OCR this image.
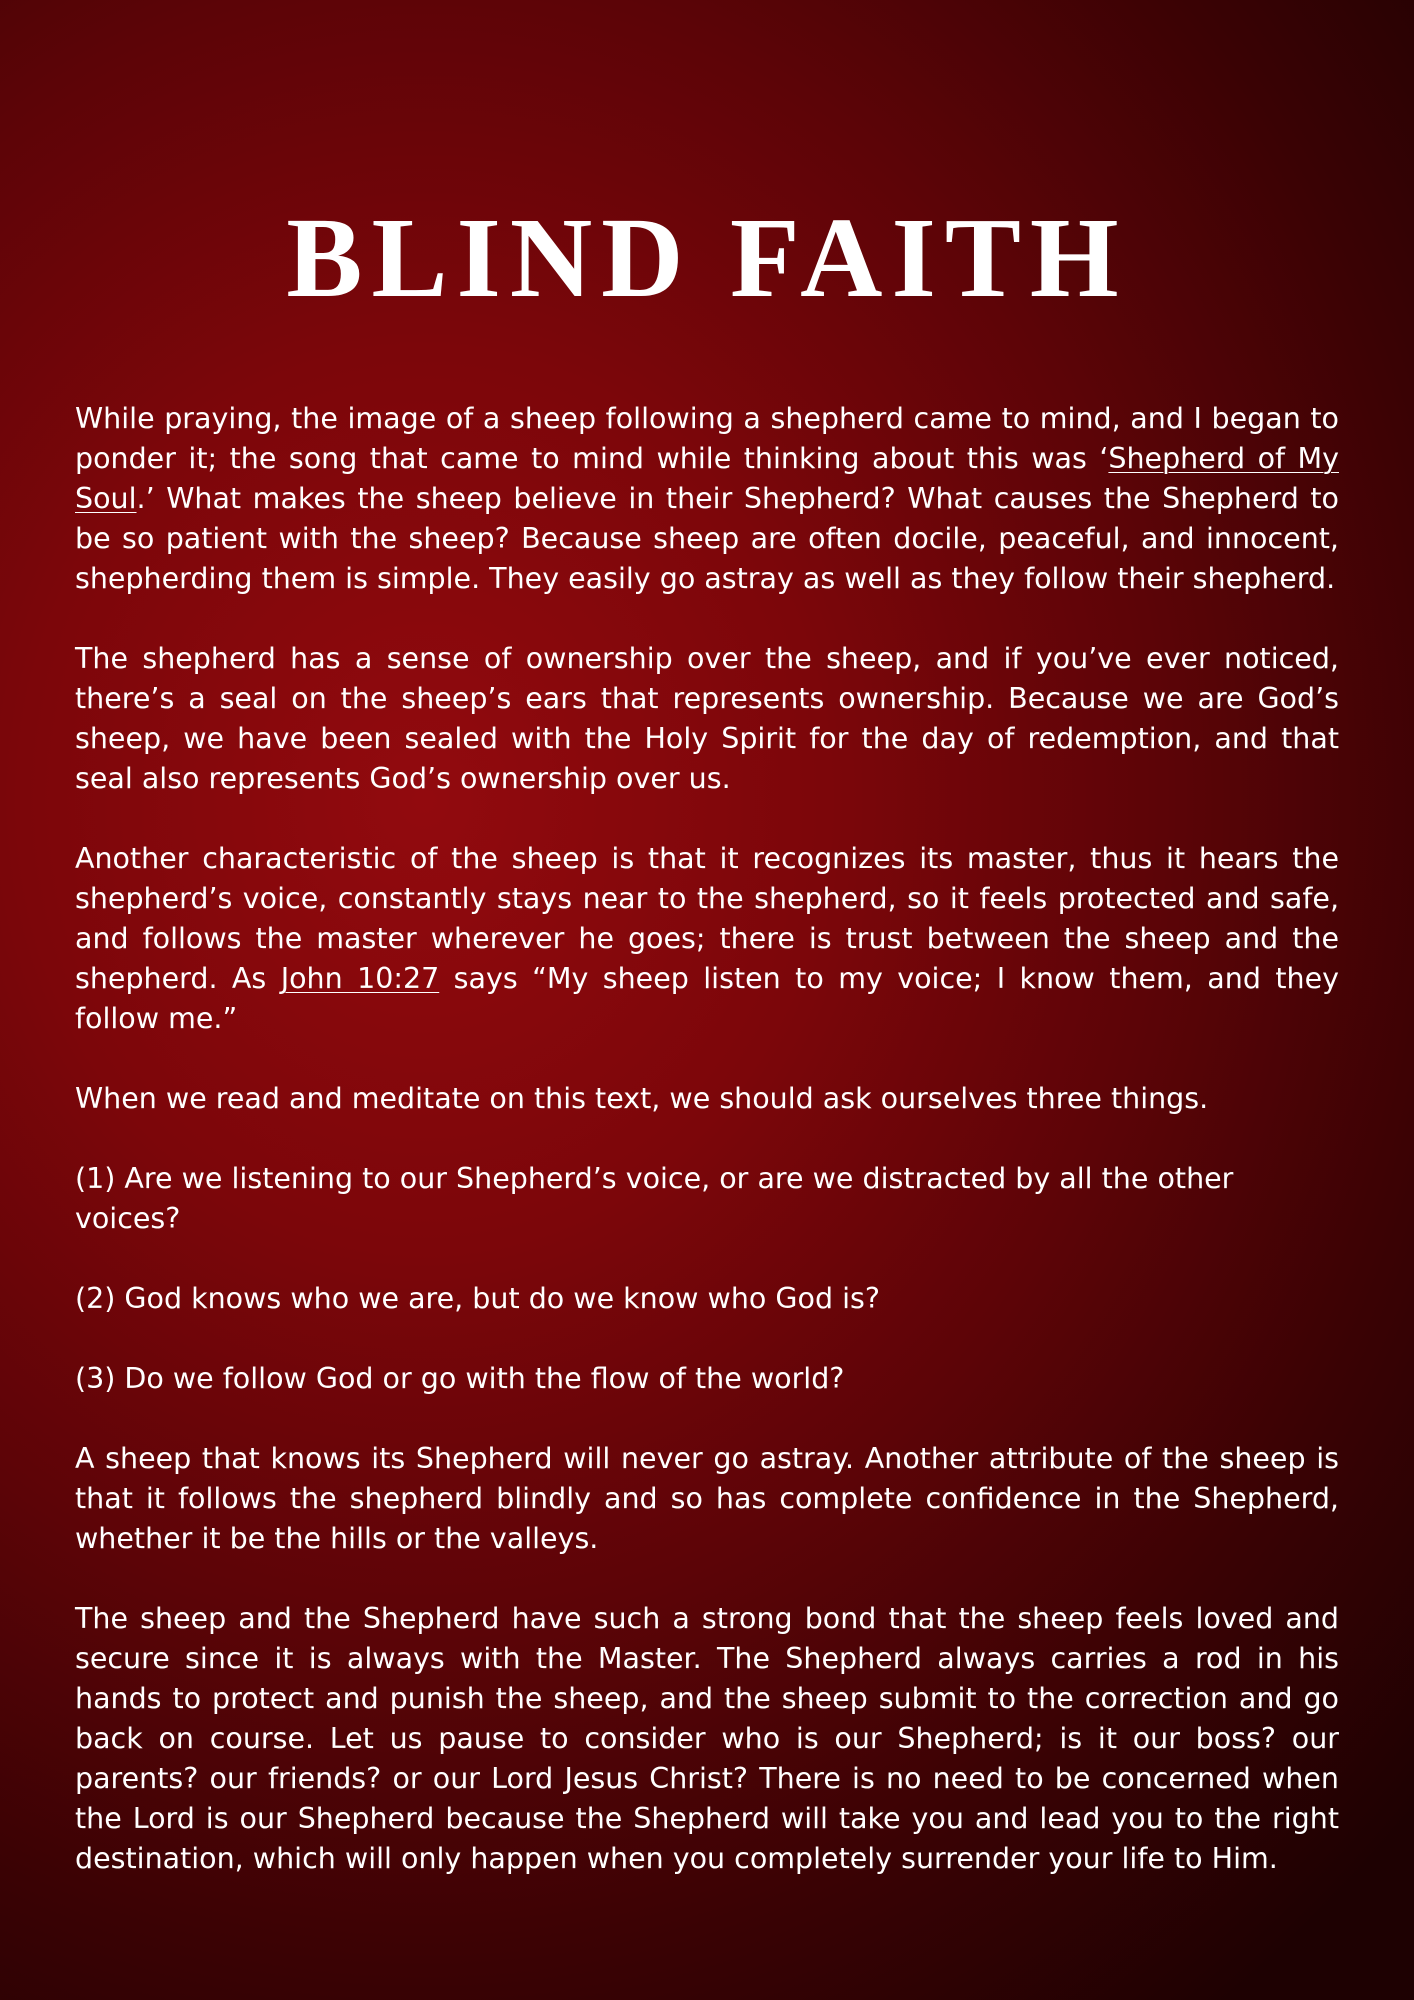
BLIND FAITH

While praying, the image of a sheep following a shepherd came to mind, and I began to ponder it; the song that came to mind while thinking about this was ‘Shepherd of My Soul.’ What makes the sheep believe in their Shepherd? What causes the Shepherd to be so patient with the sheep? Because sheep are often docile, peaceful, and innocent, shepherding them is simple. They easily go astray as well as they follow their shepherd.

The shepherd has a sense of ownership over the sheep, and if you’ve ever noticed, there’s a seal on the sheep’s ears that represents ownership. Because we are God’s sheep, we have been sealed with the Holy Spirit for the day of redemption, and that seal also represents God’s ownership over us.

Another characteristic of the sheep is that it recognizes its master, thus it hears the shepherd’s voice, constantly stays near to the shepherd, so it feels protected and safe, and follows the master wherever he goes; there is trust between the sheep and the shepherd. As John 10:27 says “My sheep listen to my voice; I know them, and they follow me.”

When we read and meditate on this text, we should ask ourselves three things.

(1) Are we listening to our Shepherd’s voice, or are we distracted by all the other voices?

(2) God knows who we are, but do we know who God is?

(3) Do we follow God or go with the flow of the world?

A sheep that knows its Shepherd will never go astray. Another attribute of the sheep is that it follows the shepherd blindly and so has complete confidence in the Shepherd, whether it be the hills or the valleys.

The sheep and the Shepherd have such a strong bond that the sheep feels loved and secure since it is always with the Master. The Shepherd always carries a rod in his hands to protect and punish the sheep, and the sheep submit to the correction and go back on course. Let us pause to consider who is our Shepherd; is it our boss? our parents? our friends? or our Lord Jesus Christ? There is no need to be concerned when the Lord is our Shepherd because the Shepherd will take you and lead you to the right destination, which will only happen when you completely surrender your life to Him.
